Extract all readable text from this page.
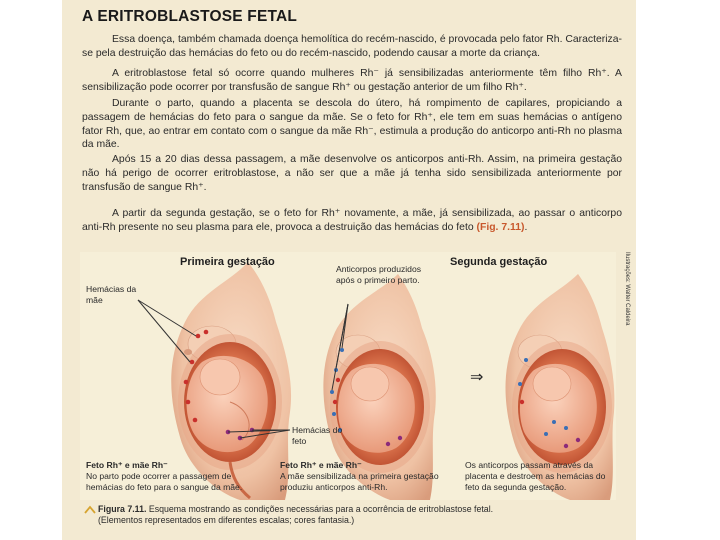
A ERITROBLASTOSE FETAL

Essa doença, também chamada doença hemolítica do recém-nascido, é provocada pelo fator Rh. Caracteriza-se pela destruição das hemácias do feto ou do recém-nascido, podendo causar a morte da criança.

A eritroblastose fetal só ocorre quando mulheres Rh⁻ já sensibilizadas anteriormente têm filho Rh⁺. A sensibilização pode ocorrer por transfusão de sangue Rh⁺ ou gestação anterior de um filho Rh⁺.

Durante o parto, quando a placenta se descola do útero, há rompimento de capilares, propiciando a passagem de hemácias do feto para o sangue da mãe. Se o feto for Rh⁺, ele tem em suas hemácias o antígeno fator Rh, que, ao entrar em contato com o sangue da mãe Rh⁻, estimula a produção do anticorpo anti-Rh no plasma da mãe.

Após 15 a 20 dias dessa passagem, a mãe desenvolve os anticorpos anti-Rh. Assim, na primeira gestação não há perigo de ocorrer eritroblastose, a não ser que a mãe já tenha sido sensibilizada anteriormente por transfusão de sangue Rh⁺.

A partir da segunda gestação, se o feto for Rh⁺ novamente, a mãe, já sensibilizada, ao passar o anticorpo anti-Rh presente no seu plasma para ele, provoca a destruição das hemácias do feto (Fig. 7.11).

Primeira gestação	Segunda gestação
Hemácias da mãe
Hemácias do feto
Anticorpos produzidos após o primeiro parto.
⇒
Feto Rh⁺ e mãe Rh⁻
No parto pode ocorrer a passagem de hemácias do feto para o sangue da mãe.
Feto Rh⁺ e mãe Rh⁻
A mãe sensibilizada na primeira gestação produziu anticorpos anti-Rh.
Os anticorpos passam através da placenta e destroem as hemácias do feto da segunda gestação.
Ilustrações: Walter Caldeira
Figura 7.11. Esquema mostrando as condições necessárias para a ocorrência de eritroblastose fetal.
(Elementos representados em diferentes escalas; cores fantasia.)
